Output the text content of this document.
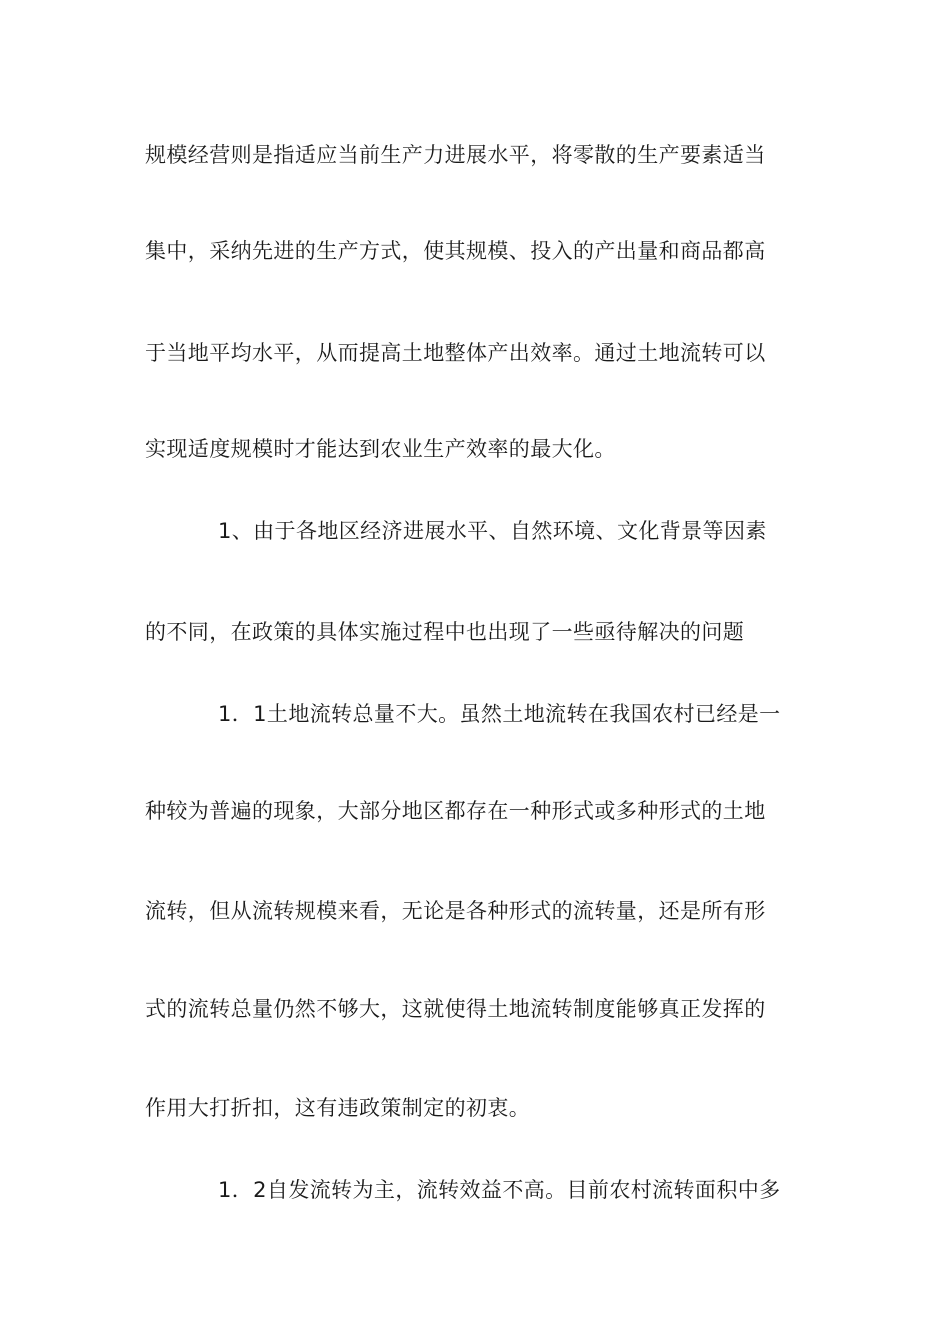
规模经营则是指适应当前生产力进展水平，将零散的生产要素适当

集中，采纳先进的生产方式，使其规模、投入的产出量和商品都高

于当地平均水平，从而提高土地整体产出效率。通过土地流转可以

实现适度规模时才能达到农业生产效率的最大化。

1、由于各地区经济进展水平、自然环境、文化背景等因素

的不同，在政策的具体实施过程中也出现了一些亟待解决的问题

1．1土地流转总量不大。虽然土地流转在我国农村已经是一

种较为普遍的现象，大部分地区都存在一种形式或多种形式的土地

流转，但从流转规模来看，无论是各种形式的流转量，还是所有形

式的流转总量仍然不够大，这就使得土地流转制度能够真正发挥的

作用大打折扣，这有违政策制定的初衷。

1．2自发流转为主，流转效益不高。目前农村流转面积中多
